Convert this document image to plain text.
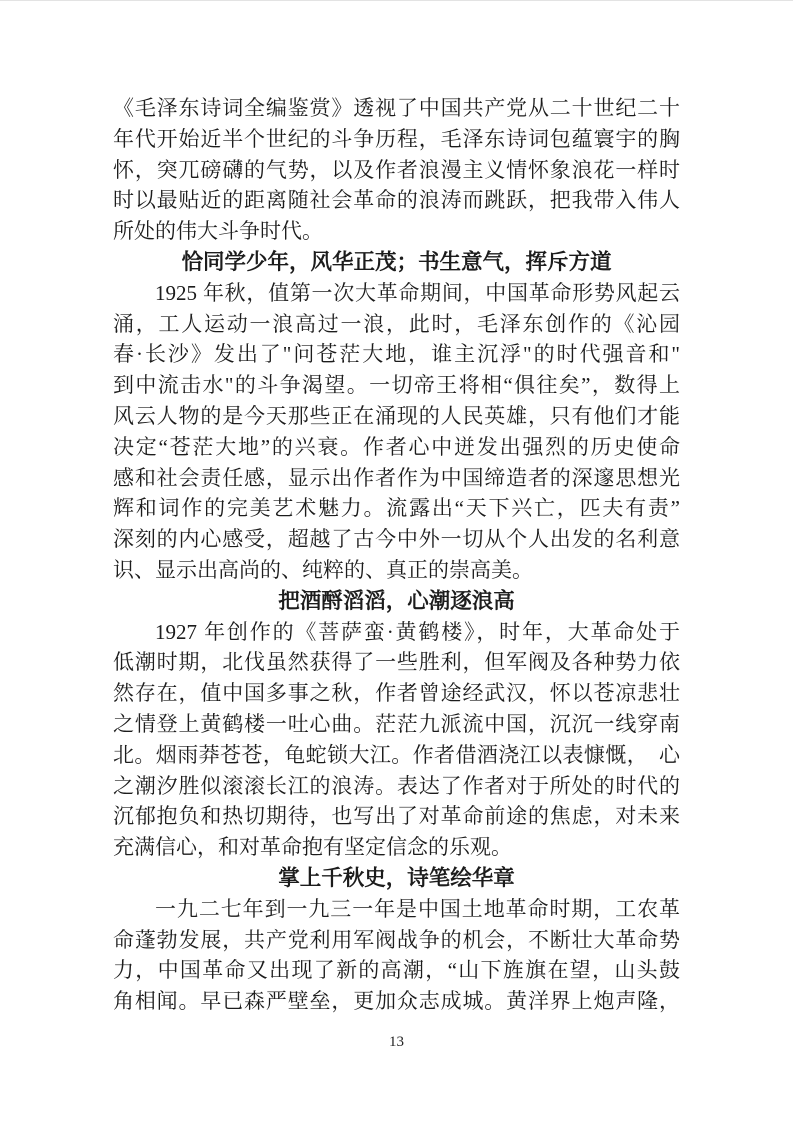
《毛泽东诗词全编鉴赏》透视了中国共产党从二十世纪二十
年代开始近半个世纪的斗争历程，毛泽东诗词包蕴寰宇的胸
怀，突兀磅礴的气势，以及作者浪漫主义情怀象浪花一样时
时以最贴近的距离随社会革命的浪涛而跳跃，把我带入伟人
所处的伟大斗争时代。
恰同学少年，风华正茂；书生意气，挥斥方道
1925 年秋，值第一次大革命期间，中国革命形势风起云
涌，工人运动一浪高过一浪，此时，毛泽东创作的《沁园
春·长沙》发出了"问苍茫大地，谁主沉浮"的时代强音和"
到中流击水"的斗争渴望。一切帝王将相“俱往矣”，数得上
风云人物的是今天那些正在涌现的人民英雄，只有他们才能
决定“苍茫大地”的兴衰。作者心中迸发出强烈的历史使命
感和社会责任感，显示出作者作为中国缔造者的深邃思想光
辉和词作的完美艺术魅力。流露出“天下兴亡，匹夫有责”
深刻的内心感受，超越了古今中外一切从个人出发的名利意
识、显示出高尚的、纯粹的、真正的崇高美。
把酒酹滔滔，心潮逐浪高
1927 年创作的《菩萨蛮·黄鹤楼》，时年，大革命处于
低潮时期，北伐虽然获得了一些胜利，但军阀及各种势力依
然存在，值中国多事之秋，作者曾途经武汉，怀以苍凉悲壮
之情登上黄鹤楼一吐心曲。茫茫九派流中国，沉沉一线穿南
北。烟雨莽苍苍，龟蛇锁大江。作者借酒浇江以表慷慨，　心
之潮汐胜似滚滚长江的浪涛。表达了作者对于所处的时代的
沉郁抱负和热切期待，也写出了对革命前途的焦虑，对未来
充满信心，和对革命抱有坚定信念的乐观。
掌上千秋史，诗笔绘华章
一九二七年到一九三一年是中国土地革命时期，工农革
命蓬勃发展，共产党利用军阀战争的机会，不断壮大革命势
力，中国革命又出现了新的高潮，“山下旌旗在望，山头鼓
角相闻。早已森严壁垒，更加众志成城。黄洋界上炮声隆，
13
